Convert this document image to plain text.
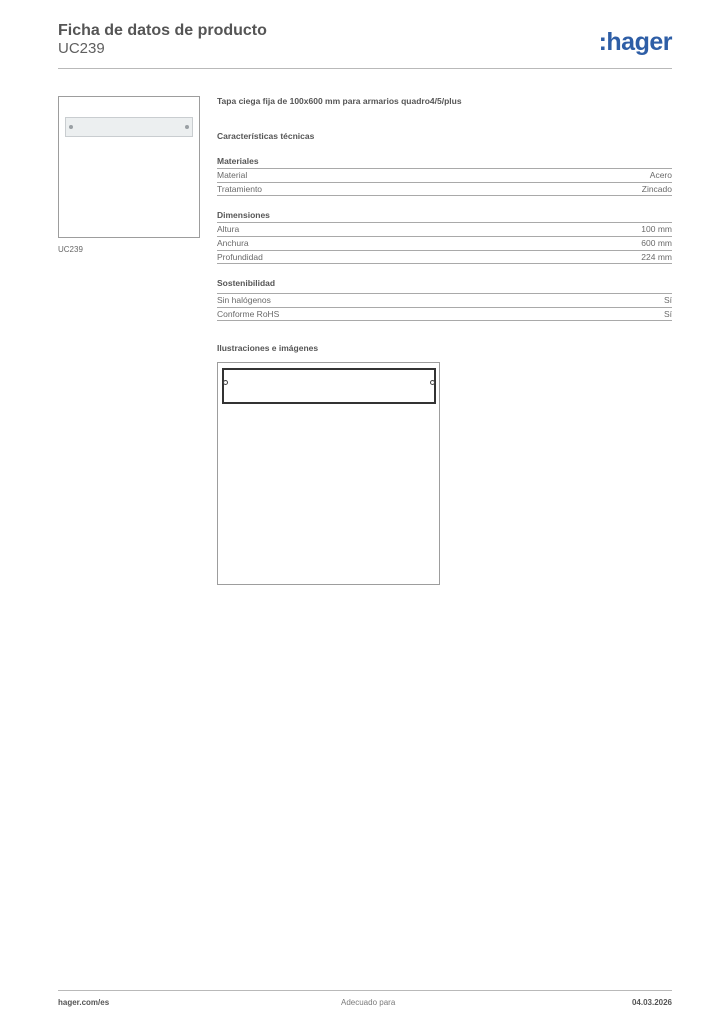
Ficha de datos de producto
UC239	:hager
UC239
Tapa ciega fija de 100x600 mm para armarios quadro4/5/plus
Características técnicas
Materiales
Material	Acero
Tratamiento	Zincado
Dimensiones
Altura	100 mm
Anchura	600 mm
Profundidad	224 mm
Sostenibilidad
Sin halógenos	Sí
Conforme RoHS	Sí
Ilustraciones e imágenes
hager.com/es	Adecuado para	04.03.2026
